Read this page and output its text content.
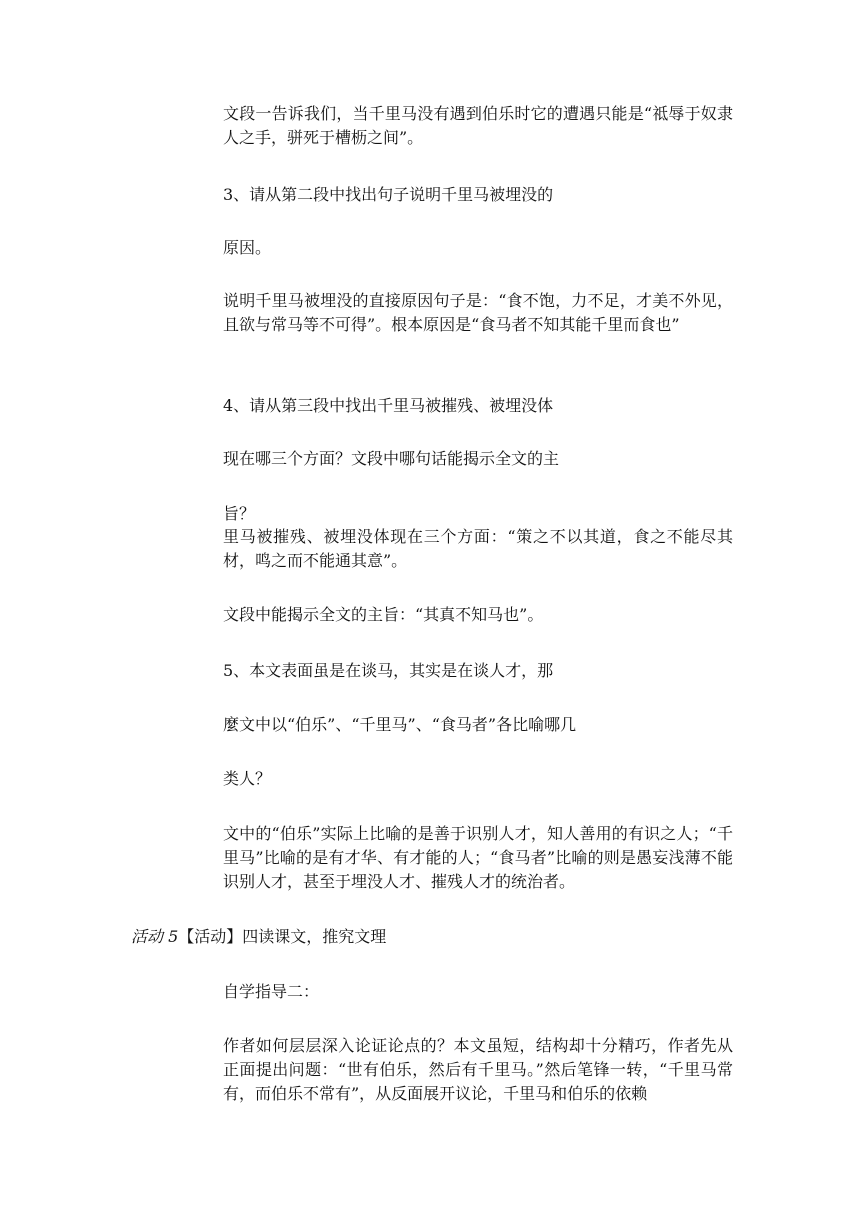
文段一告诉我们，当千里马没有遇到伯乐时它的遭遇只能是“祗辱于奴隶人之手，骈死于槽枥之间”。

3、请从第二段中找出句子说明千里马被埋没的

原因。

说明千里马被埋没的直接原因句子是：“食不饱，力不足，才美不外见，且欲与常马等不可得”。根本原因是“食马者不知其能千里而食也”

4、请从第三段中找出千里马被摧残、被埋没体

现在哪三个方面？文段中哪句话能揭示全文的主

旨？

里马被摧残、被埋没体现在三个方面：“策之不以其道，食之不能尽其材，鸣之而不能通其意”。

文段中能揭示全文的主旨：“其真不知马也”。

5、本文表面虽是在谈马，其实是在谈人才，那

麼文中以“伯乐”、“千里马”、“食马者”各比喻哪几

类人？

文中的“伯乐”实际上比喻的是善于识别人才，知人善用的有识之人；“千里马”比喻的是有才华、有才能的人；“食马者”比喻的则是愚妄浅薄不能识别人才，甚至于埋没人才、摧残人才的统治者。

活动 5【活动】四读课文，推究文理

自学指导二：

作者如何层层深入论证论点的？本文虽短，结构却十分精巧，作者先从正面提出问题：“世有伯乐，然后有千里马。”然后笔锋一转，“千里马常有，而伯乐不常有”，从反面展开议论，千里马和伯乐的依赖
